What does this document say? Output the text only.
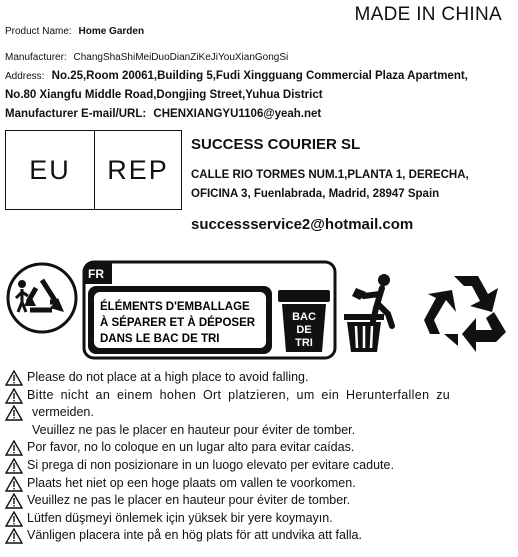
MADE IN CHINA
Product Name: Home Garden
Manufacturer: ChangShaShiMeiDuoDianZiKeJiYouXianGongSi
Address: No.25,Room 20061,Building 5,Fudi Xingguang Commercial Plaza Apartment,
No.80 Xiangfu Middle Road,Dongjing Street,Yuhua District
Manufacturer E-mail/URL: CHENXIANGYU1106@yeah.net
EU	REP
SUCCESS COURIER SL
CALLE RIO TORMES NUM.1,PLANTA 1, DERECHA,
OFICINA 3, Fuenlabrada, Madrid, 28947 Spain
successservice2@hotmail.com
FR
ÉLÉMENTS D'EMBALLAGE
À SÉPARER ET À DÉPOSER
DANS LE BAC DE TRI
BAC
DE
TRI
Please do not place at a high place to avoid falling.
Bitte nicht an einem hohen Ort platzieren, um ein Herunterfallen zu
vermeiden.
Veuillez ne pas le placer en hauteur pour éviter de tomber.
Por favor, no lo coloque en un lugar alto para evitar caídas.
Si prega di non posizionare in un luogo elevato per evitare cadute.
Plaats het niet op een hoge plaats om vallen te voorkomen.
Veuillez ne pas le placer en hauteur pour éviter de tomber.
Lütfen düşmeyi önlemek için yüksek bir yere koymayın.
Vänligen placera inte på en hög plats för att undvika att falla.
